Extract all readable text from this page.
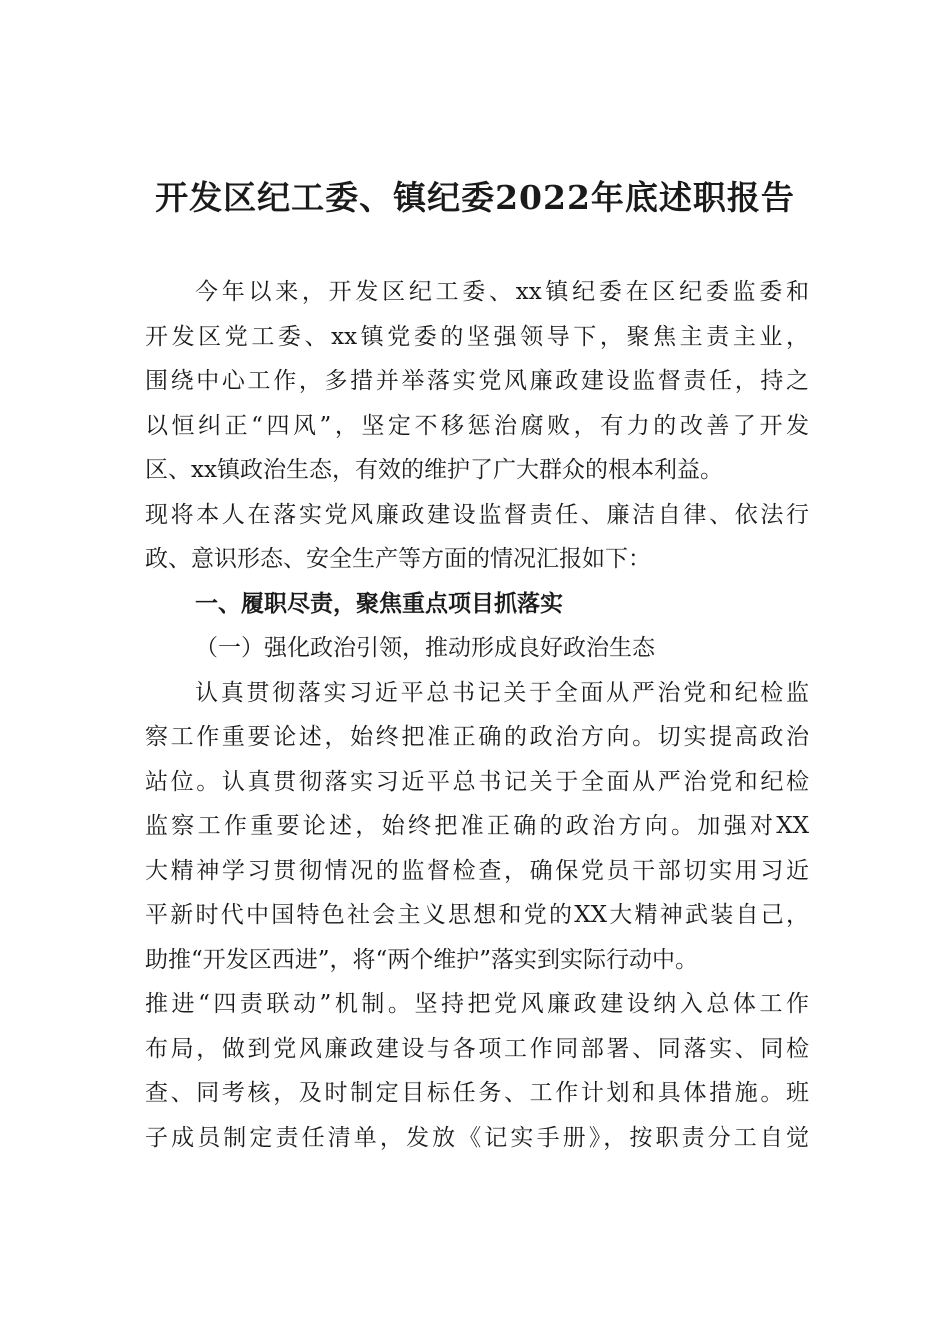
开发区纪工委、镇纪委2022年底述职报告

今年以来，开发区纪工委、xx镇纪委在区纪委监委和

开发区党工委、xx镇党委的坚强领导下，聚焦主责主业，

围绕中心工作，多措并举落实党风廉政建设监督责任，持之

以恒纠正“四风”，坚定不移惩治腐败，有力的改善了开发

区、xx镇政治生态，有效的维护了广大群众的根本利益。

现将本人在落实党风廉政建设监督责任、廉洁自律、依法行

政、意识形态、安全生产等方面的情况汇报如下：

一、履职尽责，聚焦重点项目抓落实

（一）强化政治引领，推动形成良好政治生态

认真贯彻落实习近平总书记关于全面从严治党和纪检监

察工作重要论述，始终把准正确的政治方向。切实提高政治

站位。认真贯彻落实习近平总书记关于全面从严治党和纪检

监察工作重要论述，始终把准正确的政治方向。加强对XX

大精神学习贯彻情况的监督检查，确保党员干部切实用习近

平新时代中国特色社会主义思想和党的XX大精神武装自己，

助推“开发区西进”，将“两个维护”落实到实际行动中。

推进“四责联动”机制。坚持把党风廉政建设纳入总体工作

布局，做到党风廉政建设与各项工作同部署、同落实、同检

查、同考核，及时制定目标任务、工作计划和具体措施。班

子成员制定责任清单，发放《记实手册》，按职责分工自觉
